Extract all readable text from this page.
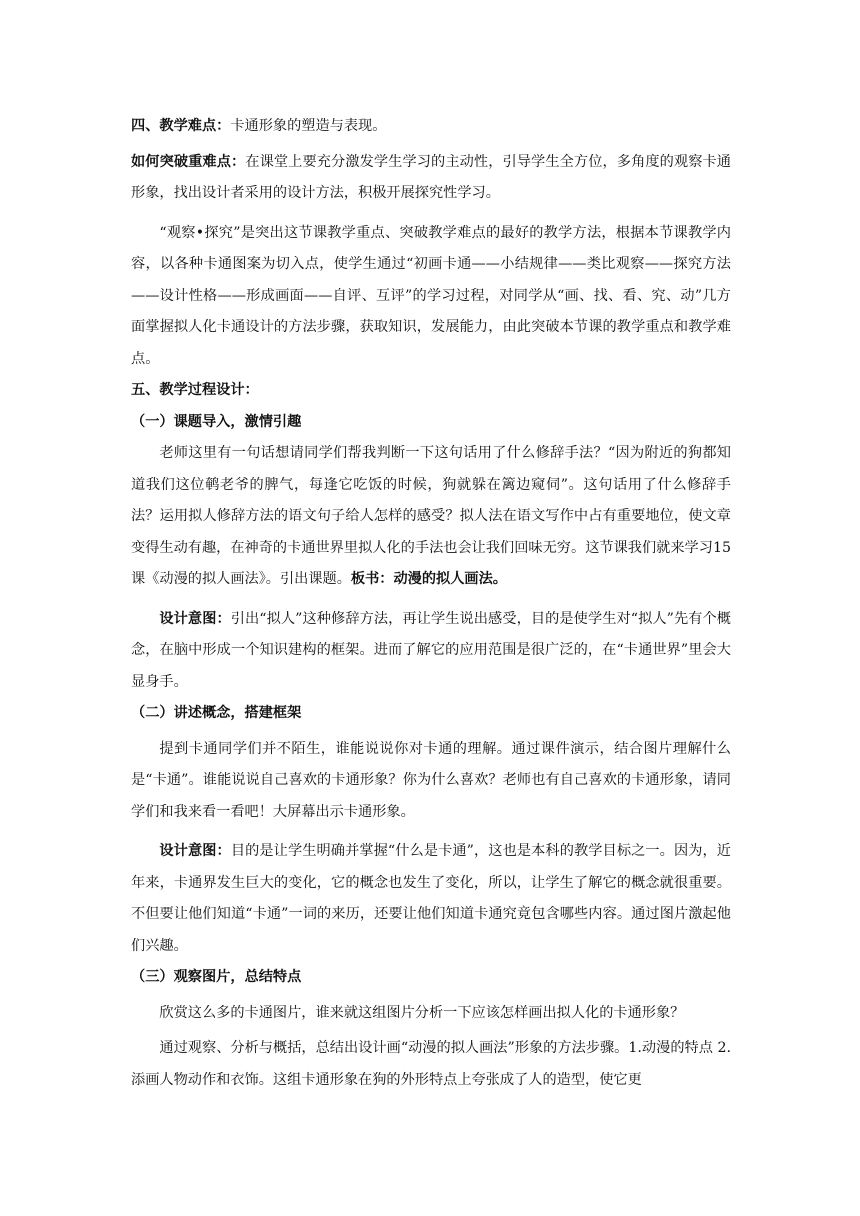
四、教学难点：卡通形象的塑造与表现。

如何突破重难点：在课堂上要充分激发学生学习的主动性，引导学生全方位，多角度的观察卡通形象，找出设计者采用的设计方法，积极开展探究性学习。

“观察•探究”是突出这节课教学重点、突破教学难点的最好的教学方法，根据本节课教学内容，以各种卡通图案为切入点，使学生通过“初画卡通——小结规律——类比观察——探究方法——设计性格——形成画面——自评、互评”的学习过程，对同学从“画、找、看、究、动”几方面掌握拟人化卡通设计的方法步骤，获取知识，发展能力，由此突破本节课的教学重点和教学难点。

五、教学过程设计：

（一）课题导入，激情引趣

老师这里有一句话想请同学们帮我判断一下这句话用了什么修辞手法？“因为附近的狗都知道我们这位鹌老爷的脾气，每逢它吃饭的时候，狗就躲在篱边窥伺”。这句话用了什么修辞手法？运用拟人修辞方法的语文句子给人怎样的感受？拟人法在语文写作中占有重要地位，使文章变得生动有趣，在神奇的卡通世界里拟人化的手法也会让我们回味无穷。这节课我们就来学习15课《动漫的拟人画法》。引出课题。板书：动漫的拟人画法。

设计意图：引出“拟人”这种修辞方法，再让学生说出感受，目的是使学生对“拟人”先有个概念，在脑中形成一个知识建构的框架。进而了解它的应用范围是很广泛的，在“卡通世界”里会大显身手。

（二）讲述概念，搭建框架

提到卡通同学们并不陌生，谁能说说你对卡通的理解。通过课件演示，结合图片理解什么是“卡通”。谁能说说自己喜欢的卡通形象？你为什么喜欢？老师也有自己喜欢的卡通形象，请同学们和我来看一看吧！大屏幕出示卡通形象。

设计意图：目的是让学生明确并掌握“什么是卡通”，这也是本科的教学目标之一。因为，近年来，卡通界发生巨大的变化，它的概念也发生了变化，所以，让学生了解它的概念就很重要。不但要让他们知道“卡通”一词的来历，还要让他们知道卡通究竟包含哪些内容。通过图片激起他们兴趣。

（三）观察图片，总结特点

欣赏这么多的卡通图片，谁来就这组图片分析一下应该怎样画出拟人化的卡通形象？

通过观察、分析与概括，总结出设计画“动漫的拟人画法”形象的方法步骤。1.动漫的特点 2.添画人物动作和衣饰。这组卡通形象在狗的外形特点上夸张成了人的造型，使它更
